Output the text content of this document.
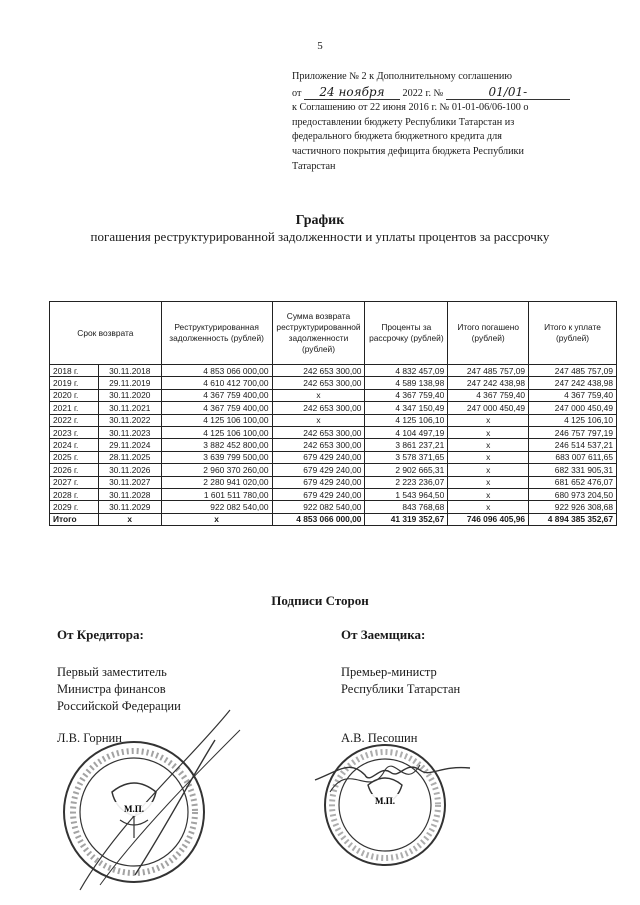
5
Приложение № 2 к Дополнительному соглашению
от 24 ноября 2022 г. №	01/01-
к Соглашению от 22 июня 2016 г. № 01-01-06/06-100 о
предоставлении бюджету Республики Татарстан из
федерального бюджета бюджетного кредита для
частичного покрытия дефицита бюджета Республики
Татарстан
График
погашения реструктурированной задолженности и уплаты процентов за рассрочку
Срок возврата		Реструктурированная задолженность (рублей)	Сумма возврата реструктурированной задолженности (рублей)	Проценты за рассрочку (рублей)	Итого погашено (рублей)	Итого к уплате (рублей)
2018 г.	30.11.2018	4 853 066 000,00	242 653 300,00	4 832 457,09	247 485 757,09	247 485 757,09
2019 г.	29.11.2019	4 610 412 700,00	242 653 300,00	4 589 138,98	247 242 438,98	247 242 438,98
2020 г.	30.11.2020	4 367 759 400,00	x	4 367 759,40	4 367 759,40	4 367 759,40
2021 г.	30.11.2021	4 367 759 400,00	242 653 300,00	4 347 150,49	247 000 450,49	247 000 450,49
2022 г.	30.11.2022	4 125 106 100,00	x	4 125 106,10	x	4 125 106,10
2023 г.	30.11.2023	4 125 106 100,00	242 653 300,00	4 104 497,19	x	246 757 797,19
2024 г.	29.11.2024	3 882 452 800,00	242 653 300,00	3 861 237,21	x	246 514 537,21
2025 г.	28.11.2025	3 639 799 500,00	679 429 240,00	3 578 371,65	x	683 007 611,65
2026 г.	30.11.2026	2 960 370 260,00	679 429 240,00	2 902 665,31	x	682 331 905,31
2027 г.	30.11.2027	2 280 941 020,00	679 429 240,00	2 223 236,07	x	681 652 476,07
2028 г.	30.11.2028	1 601 511 780,00	679 429 240,00	1 543 964,50	x	680 973 204,50
2029 г.	30.11.2029	922 082 540,00	922 082 540,00	843 768,68	x	922 926 308,68
Итого	x	x	4 853 066 000,00	41 319 352,67	746 096 405,96	4 894 385 352,67
Подписи Сторон
От Кредитора:
Первый заместитель
Министра финансов
Российской Федерации
Л.В. Горнин
От Заемщика:
Премьер-министр
Республики Татарстан
А.В. Песошин
М.П.
М.П.
